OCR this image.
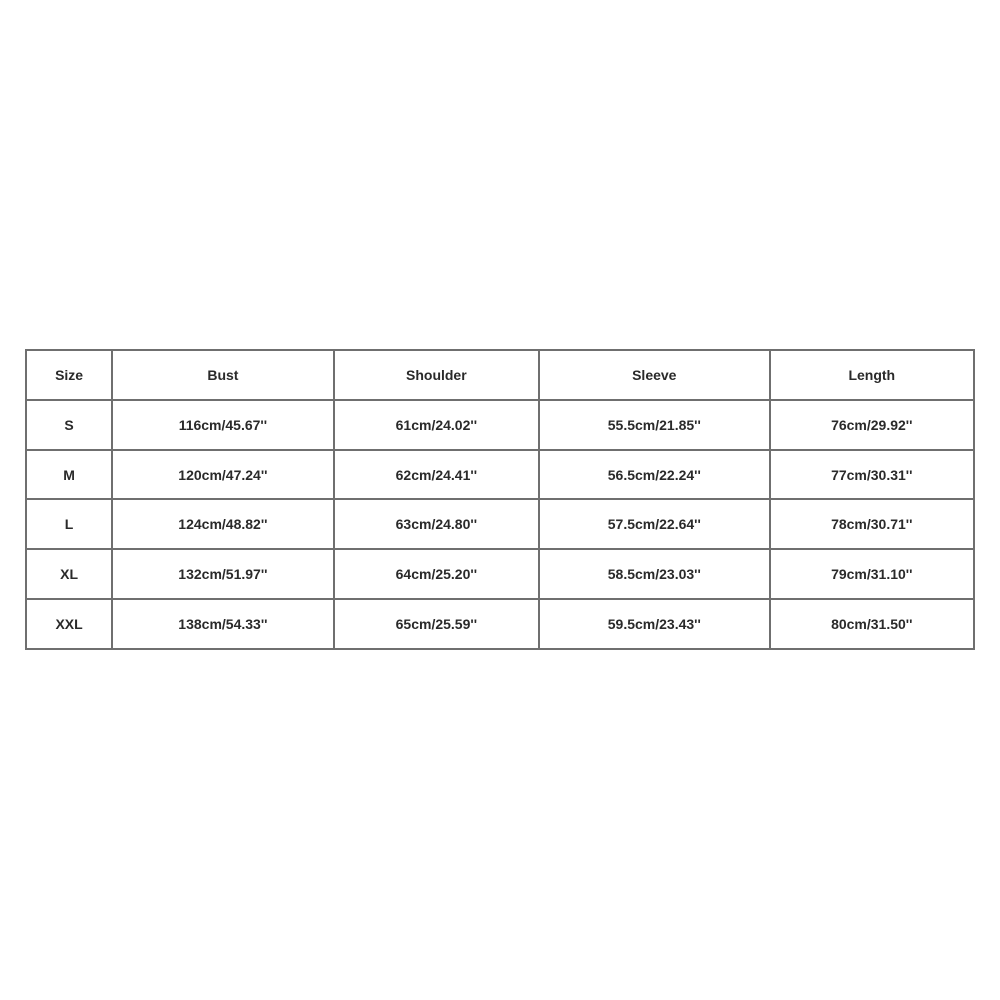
Size	Bust	Shoulder	Sleeve	Length
S	116cm/45.67''	61cm/24.02''	55.5cm/21.85''	76cm/29.92''
M	120cm/47.24''	62cm/24.41''	56.5cm/22.24''	77cm/30.31''
L	124cm/48.82''	63cm/24.80''	57.5cm/22.64''	78cm/30.71''
XL	132cm/51.97''	64cm/25.20''	58.5cm/23.03''	79cm/31.10''
XXL	138cm/54.33''	65cm/25.59''	59.5cm/23.43''	80cm/31.50''
